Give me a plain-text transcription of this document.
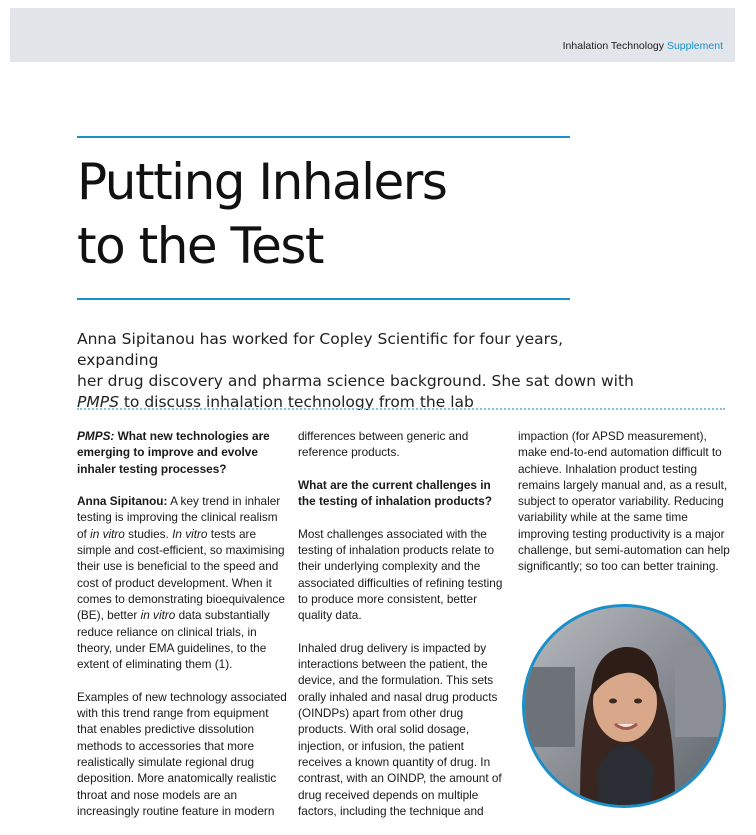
Inhalation Technology Supplement
Putting Inhalers
to the Test

Anna Sipitanou has worked for Copley Scientific for four years, expanding
her drug discovery and pharma science background. She sat down with
PMPS to discuss inhalation technology from the lab

PMPS: What new technologies are emerging to improve and evolve inhaler testing processes?

Anna Sipitanou: A key trend in inhaler testing is improving the clinical realism of in vitro studies. In vitro tests are simple and cost-efficient, so maximising their use is beneficial to the speed and cost of product development. When it comes to demonstrating bioequivalence (BE), better in vitro data substantially reduce reliance on clinical trials, in theory, under EMA guidelines, to the extent of eliminating them (1).

Examples of new technology associated with this trend range from equipment that enables predictive dissolution methods to accessories that more realistically simulate regional drug deposition. More anatomically realistic throat and nose models are an increasingly routine feature in modern

differences between generic and reference products.

What are the current challenges in the testing of inhalation products?

Most challenges associated with the testing of inhalation products relate to their underlying complexity and the associated difficulties of refining testing to produce more consistent, better quality data.

Inhaled drug delivery is impacted by interactions between the patient, the device, and the formulation. This sets orally inhaled and nasal drug products (OINDPs) apart from other drug products. With oral solid dosage, injection, or infusion, the patient receives a known quantity of drug. In contrast, with an OINDP, the amount of drug received depends on multiple factors, including the technique and

impaction (for APSD measurement), make end-to-end automation difficult to achieve. Inhalation product testing remains largely manual and, as a result, subject to operator variability. Reducing variability while at the same time improving testing productivity is a major challenge, but semi-automation can help significantly; so too can better training.
